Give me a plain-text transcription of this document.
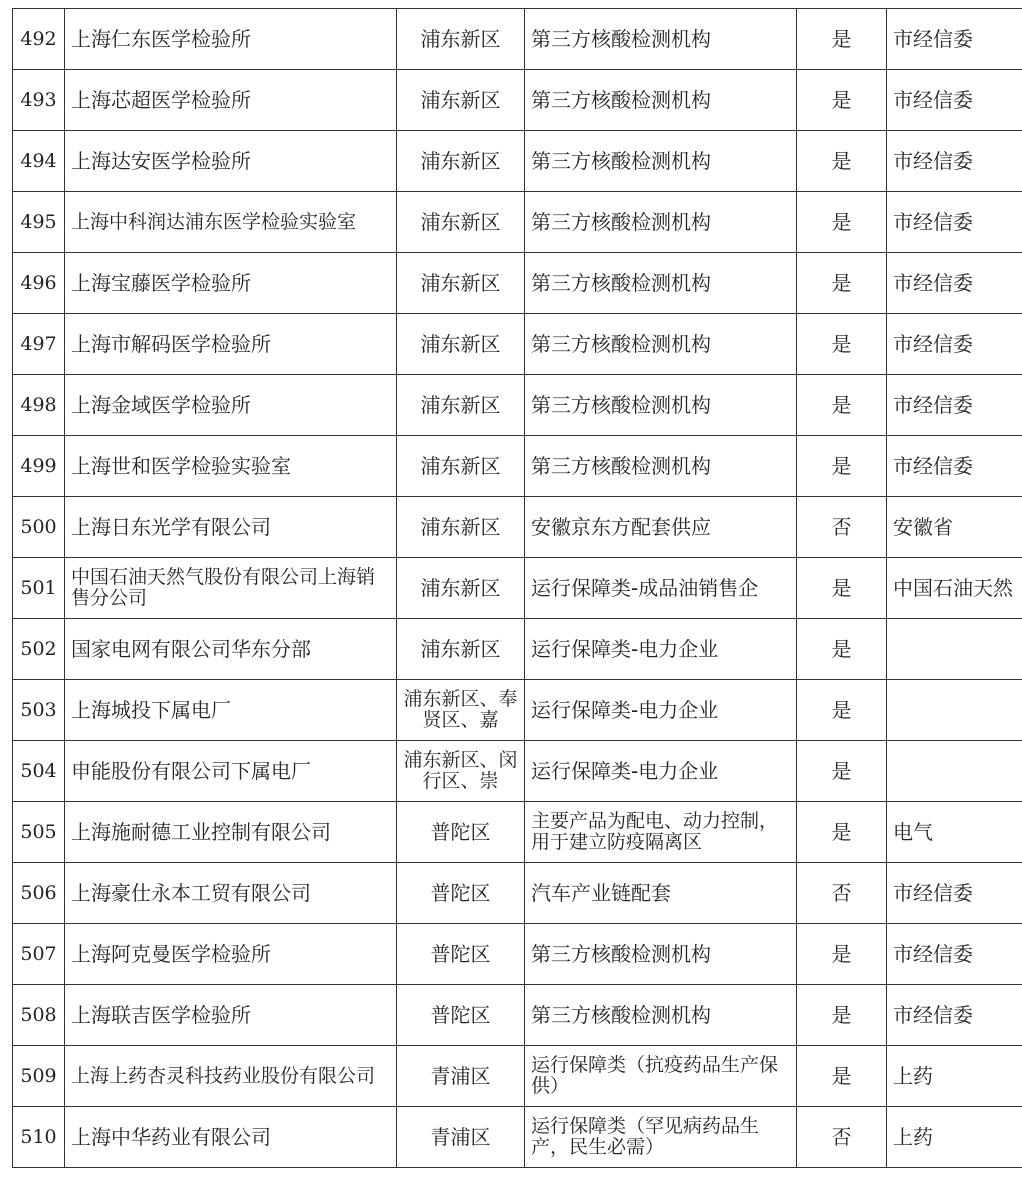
492	上海仁东医学检验所	浦东新区	第三方核酸检测机构	是	市经信委
493	上海芯超医学检验所	浦东新区	第三方核酸检测机构	是	市经信委
494	上海达安医学检验所	浦东新区	第三方核酸检测机构	是	市经信委
495	上海中科润达浦东医学检验实验室	浦东新区	第三方核酸检测机构	是	市经信委
496	上海宝藤医学检验所	浦东新区	第三方核酸检测机构	是	市经信委
497	上海市解码医学检验所	浦东新区	第三方核酸检测机构	是	市经信委
498	上海金域医学检验所	浦东新区	第三方核酸检测机构	是	市经信委
499	上海世和医学检验实验室	浦东新区	第三方核酸检测机构	是	市经信委
500	上海日东光学有限公司	浦东新区	安徽京东方配套供应	否	安徽省
501	中国石油天然气股份有限公司上海销售分公司	浦东新区	运行保障类-成品油销售企	是	中国石油天然
502	国家电网有限公司华东分部	浦东新区	运行保障类-电力企业	是	
503	上海城投下属电厂	浦东新区、奉贤区、嘉	运行保障类-电力企业	是	
504	申能股份有限公司下属电厂	浦东新区、闵行区、崇	运行保障类-电力企业	是	
505	上海施耐德工业控制有限公司	普陀区	主要产品为配电、动力控制，用于建立防疫隔离区	是	电气
506	上海豪仕永本工贸有限公司	普陀区	汽车产业链配套	否	市经信委
507	上海阿克曼医学检验所	普陀区	第三方核酸检测机构	是	市经信委
508	上海联吉医学检验所	普陀区	第三方核酸检测机构	是	市经信委
509	上海上药杏灵科技药业股份有限公司	青浦区	运行保障类（抗疫药品生产保供）	是	上药
510	上海中华药业有限公司	青浦区	运行保障类（罕见病药品生产，民生必需）	否	上药
